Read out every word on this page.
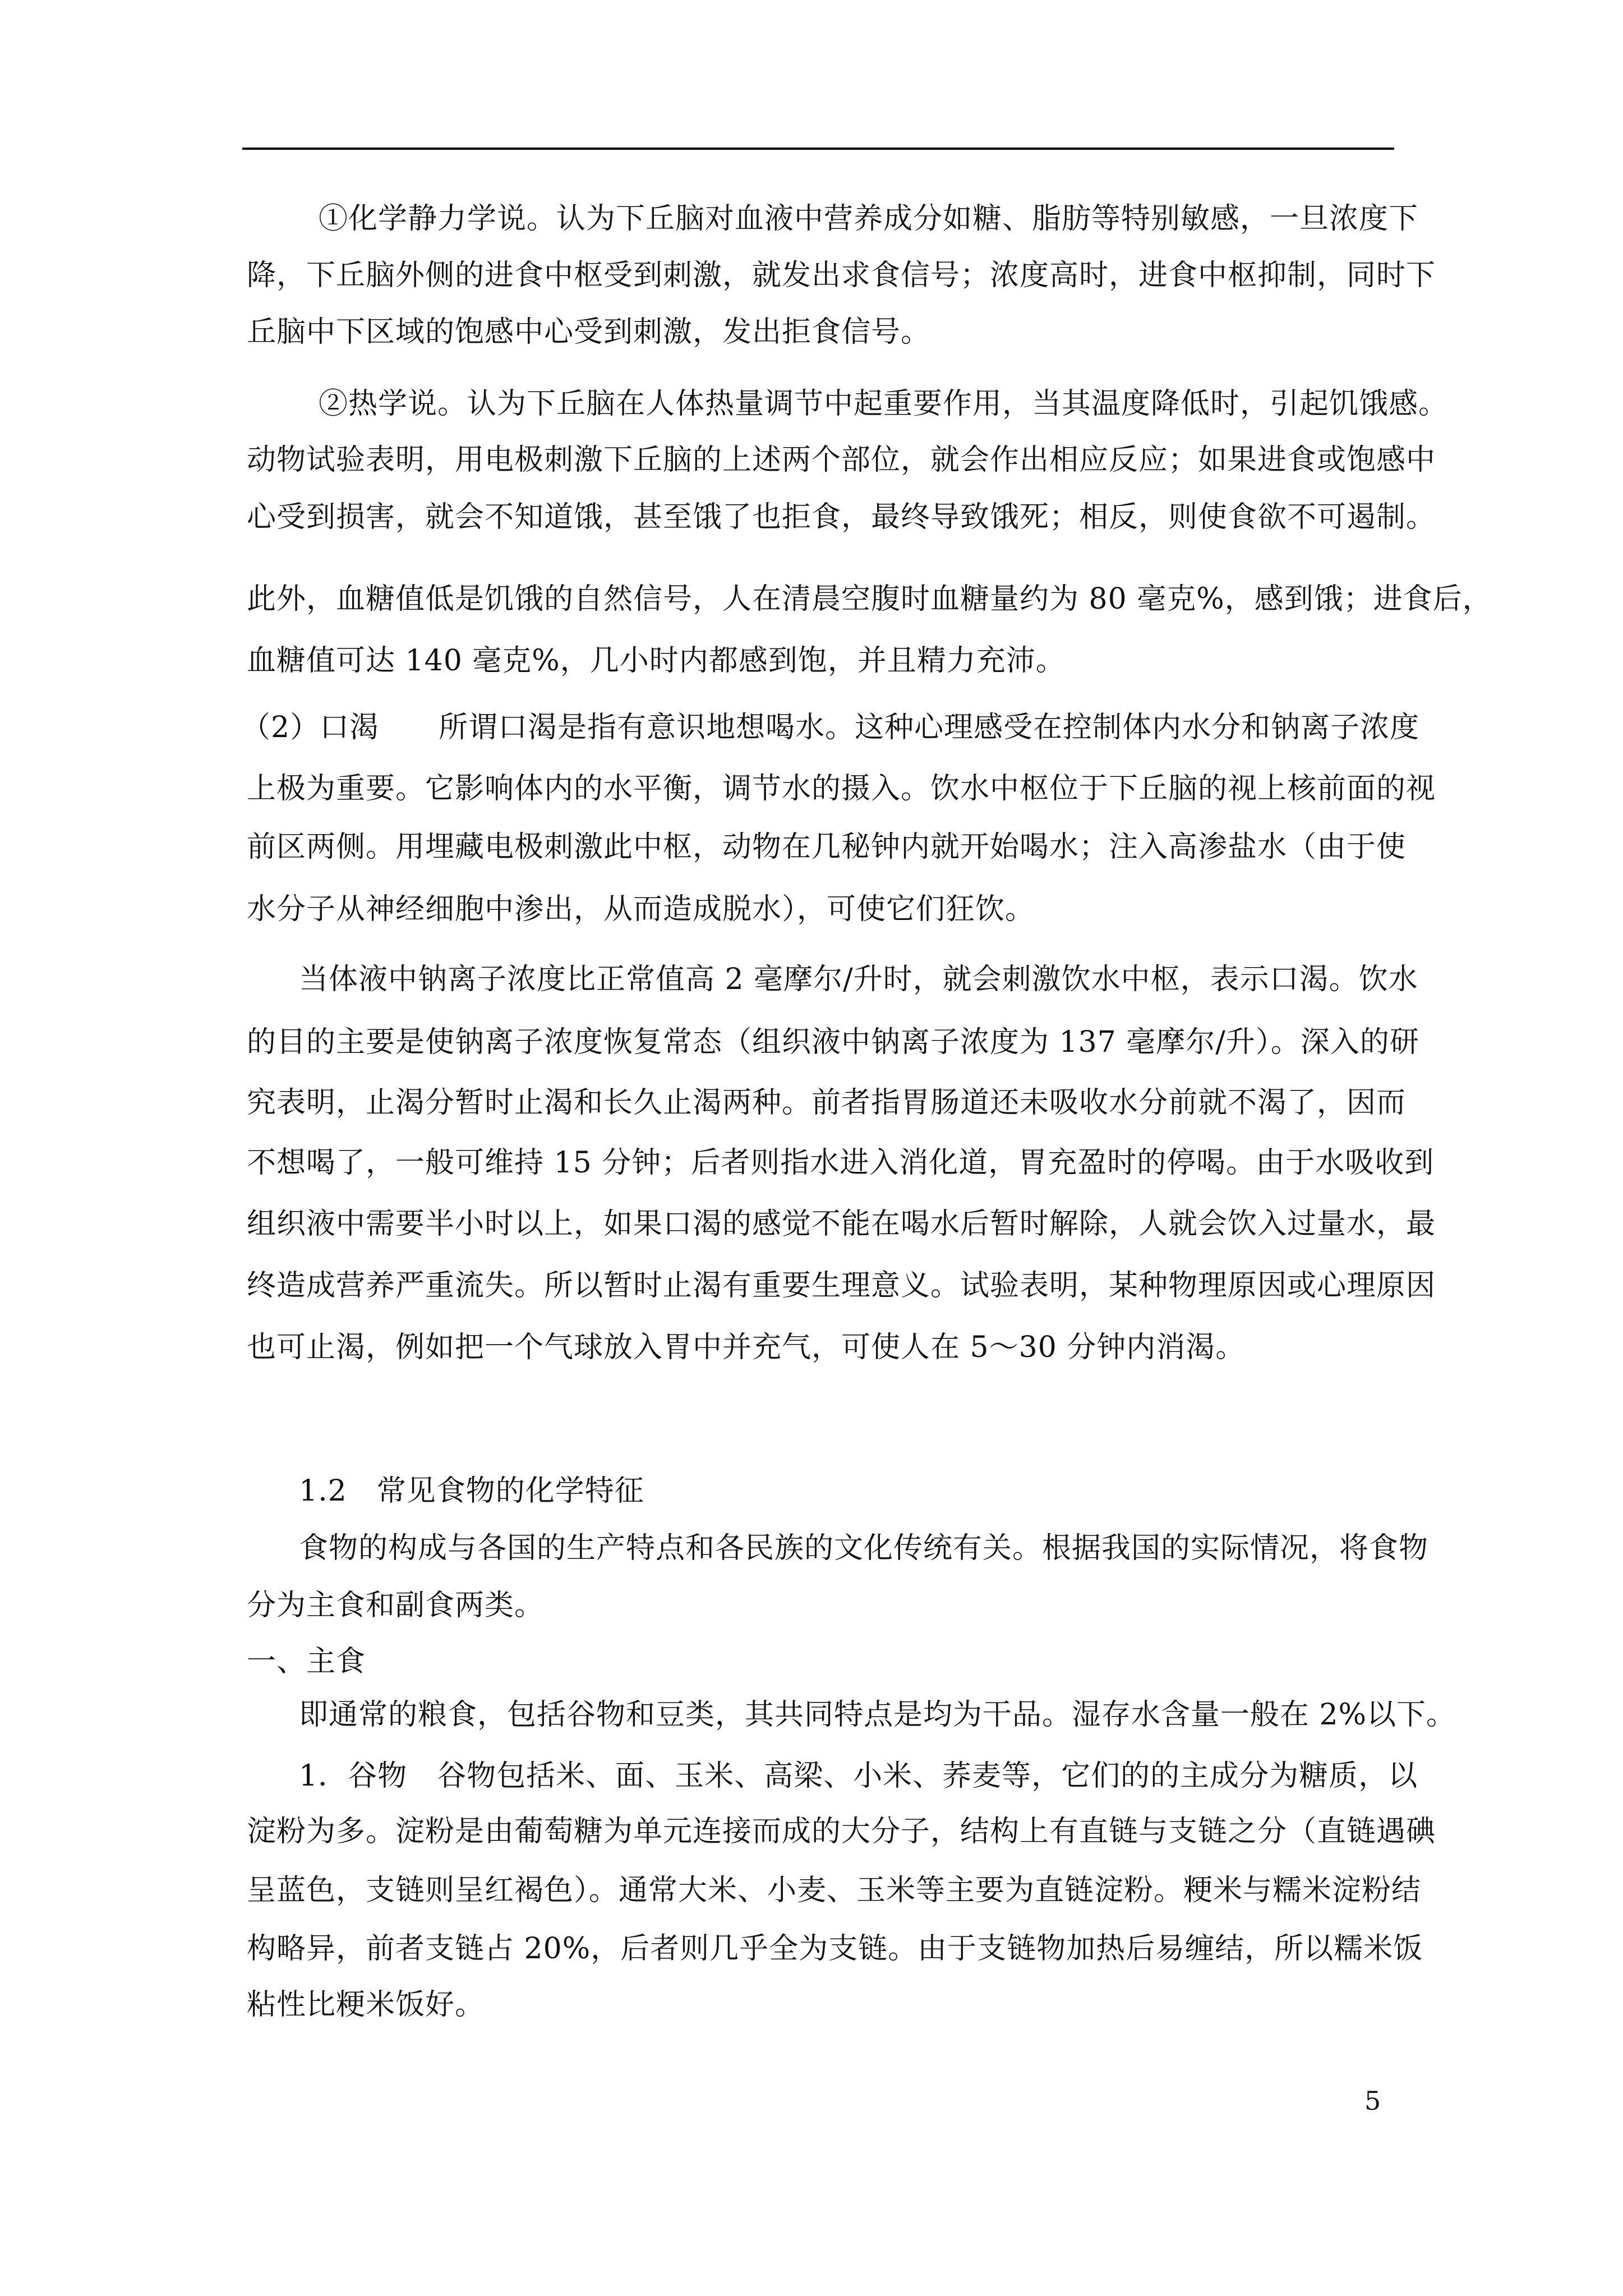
①化学静力学说。认为下丘脑对血液中营养成分如糖、脂肪等特别敏感，一旦浓度下
降，下丘脑外侧的进食中枢受到刺激，就发出求食信号；浓度高时，进食中枢抑制，同时下
丘脑中下区域的饱感中心受到刺激，发出拒食信号。
②热学说。认为下丘脑在人体热量调节中起重要作用，当其温度降低时，引起饥饿感。
动物试验表明，用电极刺激下丘脑的上述两个部位，就会作出相应反应；如果进食或饱感中
心受到损害，就会不知道饿，甚至饿了也拒食，最终导致饿死；相反，则使食欲不可遏制。
此外，血糖值低是饥饿的自然信号，人在清晨空腹时血糖量约为 80 毫克%，感到饿；进食后，
血糖值可达 140 毫克%，几小时内都感到饱，并且精力充沛。
（2）口渴　　所谓口渴是指有意识地想喝水。这种心理感受在控制体内水分和钠离子浓度
上极为重要。它影响体内的水平衡，调节水的摄入。饮水中枢位于下丘脑的视上核前面的视
前区两侧。用埋藏电极刺激此中枢，动物在几秘钟内就开始喝水；注入高渗盐水（由于使
水分子从神经细胞中渗出，从而造成脱水），可使它们狂饮。
当体液中钠离子浓度比正常值高 2 毫摩尔/升时，就会刺激饮水中枢，表示口渴。饮水
的目的主要是使钠离子浓度恢复常态（组织液中钠离子浓度为 137 毫摩尔/升）。深入的研
究表明，止渴分暂时止渴和长久止渴两种。前者指胃肠道还未吸收水分前就不渴了，因而
不想喝了，一般可维持 15 分钟；后者则指水进入消化道，胃充盈时的停喝。由于水吸收到
组织液中需要半小时以上，如果口渴的感觉不能在喝水后暂时解除，人就会饮入过量水，最
终造成营养严重流失。所以暂时止渴有重要生理意义。试验表明，某种物理原因或心理原因
也可止渴，例如把一个气球放入胃中并充气，可使人在 5～30 分钟内消渴。
1.2　常见食物的化学特征
食物的构成与各国的生产特点和各民族的文化传统有关。根据我国的实际情况，将食物
分为主食和副食两类。
一、主食
即通常的粮食，包括谷物和豆类，其共同特点是均为干品。湿存水含量一般在 2%以下。
1．谷物　谷物包括米、面、玉米、高梁、小米、荞麦等，它们的的主成分为糖质，以
淀粉为多。淀粉是由葡萄糖为单元连接而成的大分子，结构上有直链与支链之分（直链遇碘
呈蓝色，支链则呈红褐色）。通常大米、小麦、玉米等主要为直链淀粉。粳米与糯米淀粉结
构略异，前者支链占 20%，后者则几乎全为支链。由于支链物加热后易缠结，所以糯米饭
粘性比粳米饭好。
5
